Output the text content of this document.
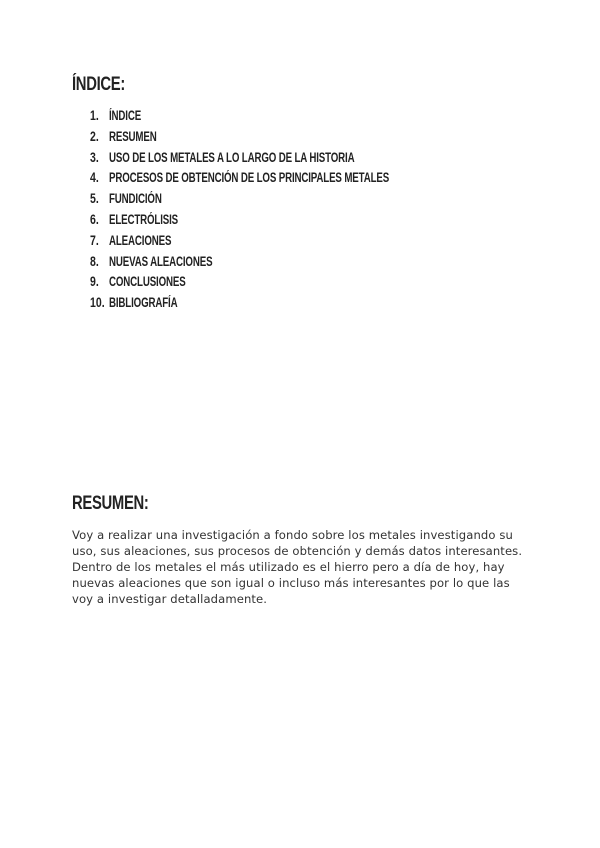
ÍNDICE:
1. ÍNDICE
2. RESUMEN
3. USO DE LOS METALES A LO LARGO DE LA HISTORIA
4. PROCESOS DE OBTENCIÓN DE LOS PRINCIPALES METALES
5. FUNDICIÓN
6. ELECTRÓLISIS
7. ALEACIONES
8. NUEVAS ALEACIONES
9. CONCLUSIONES
10. BIBLIOGRAFÍA
RESUMEN:

Voy a realizar una investigación a fondo sobre los metales investigando su uso, sus aleaciones, sus procesos de obtención y demás datos interesantes. Dentro de los metales el más utilizado es el hierro pero a día de hoy, hay nuevas aleaciones que son igual o incluso más interesantes por lo que las voy a investigar detalladamente.
